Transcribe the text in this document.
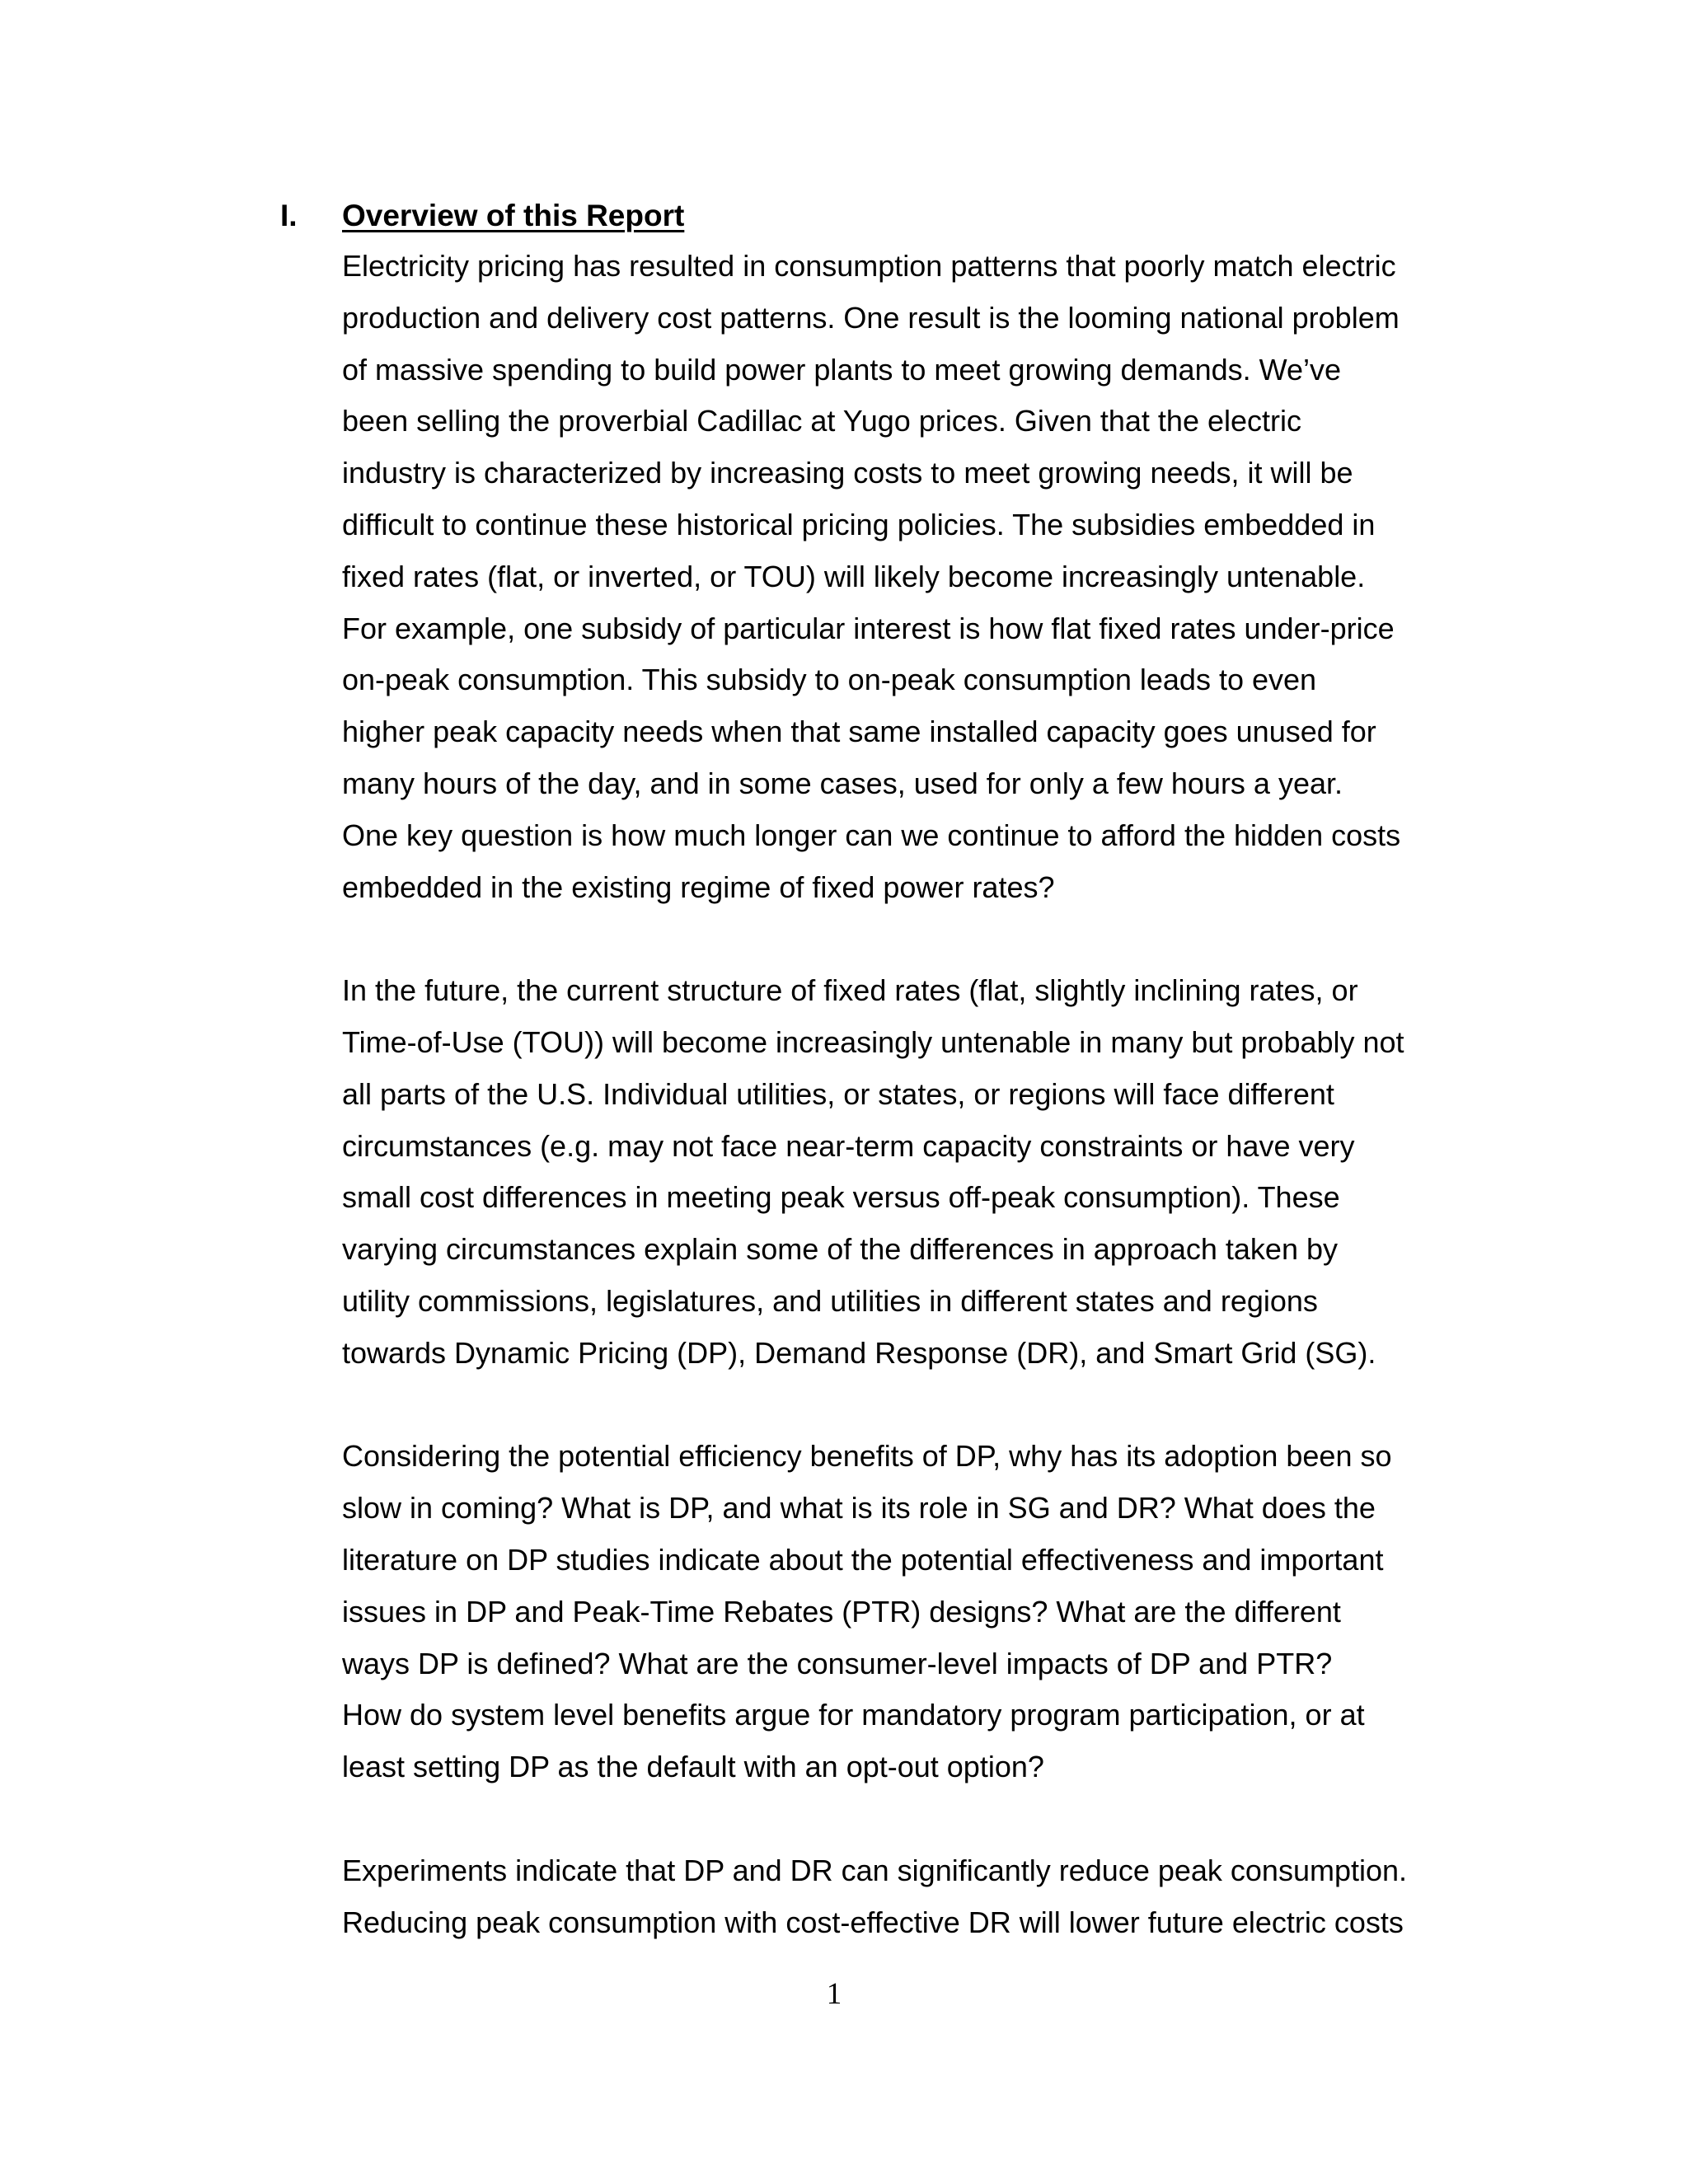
I. Overview of this Report
Electricity pricing has resulted in consumption patterns that poorly match electric
production and delivery cost patterns. One result is the looming national problem
of massive spending to build power plants to meet growing demands. We’ve
been selling the proverbial Cadillac at Yugo prices. Given that the electric
industry is characterized by increasing costs to meet growing needs, it will be
difficult to continue these historical pricing policies. The subsidies embedded in
fixed rates (flat, or inverted, or TOU) will likely become increasingly untenable.
For example, one subsidy of particular interest is how flat fixed rates under-price
on-peak consumption. This subsidy to on-peak consumption leads to even
higher peak capacity needs when that same installed capacity goes unused for
many hours of the day, and in some cases, used for only a few hours a year.
One key question is how much longer can we continue to afford the hidden costs
embedded in the existing regime of fixed power rates?
In the future, the current structure of fixed rates (flat, slightly inclining rates, or
Time-of-Use (TOU)) will become increasingly untenable in many but probably not
all parts of the U.S. Individual utilities, or states, or regions will face different
circumstances (e.g. may not face near-term capacity constraints or have very
small cost differences in meeting peak versus off-peak consumption). These
varying circumstances explain some of the differences in approach taken by
utility commissions, legislatures, and utilities in different states and regions
towards Dynamic Pricing (DP), Demand Response (DR), and Smart Grid (SG).
Considering the potential efficiency benefits of DP, why has its adoption been so
slow in coming? What is DP, and what is its role in SG and DR? What does the
literature on DP studies indicate about the potential effectiveness and important
issues in DP and Peak-Time Rebates (PTR) designs? What are the different
ways DP is defined? What are the consumer-level impacts of DP and PTR?
How do system level benefits argue for mandatory program participation, or at
least setting DP as the default with an opt-out option?
Experiments indicate that DP and DR can significantly reduce peak consumption.
Reducing peak consumption with cost-effective DR will lower future electric costs
1
